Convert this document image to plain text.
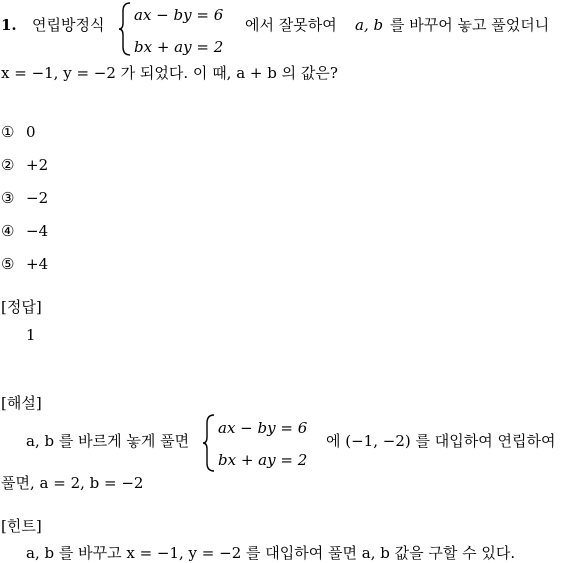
1. 연립방정식
ax − by = 6
bx + ay = 2
에서 잘못하여 a, b 를 바꾸어 놓고 풀었더니
x = −1, y = −2 가 되었다. 이 때, a + b 의 값은?
① 0
② +2
③ −2
④ −4
⑤ +4
[정답]
1
[해설]
a, b 를 바르게 놓게 풀면
ax − by = 6
bx + ay = 2
에 (−1, −2) 를 대입하여 연립하여
풀면, a = 2, b = −2
[힌트]
a, b 를 바꾸고 x = −1, y = −2 를 대입하여 풀면 a, b 값을 구할 수 있다.
